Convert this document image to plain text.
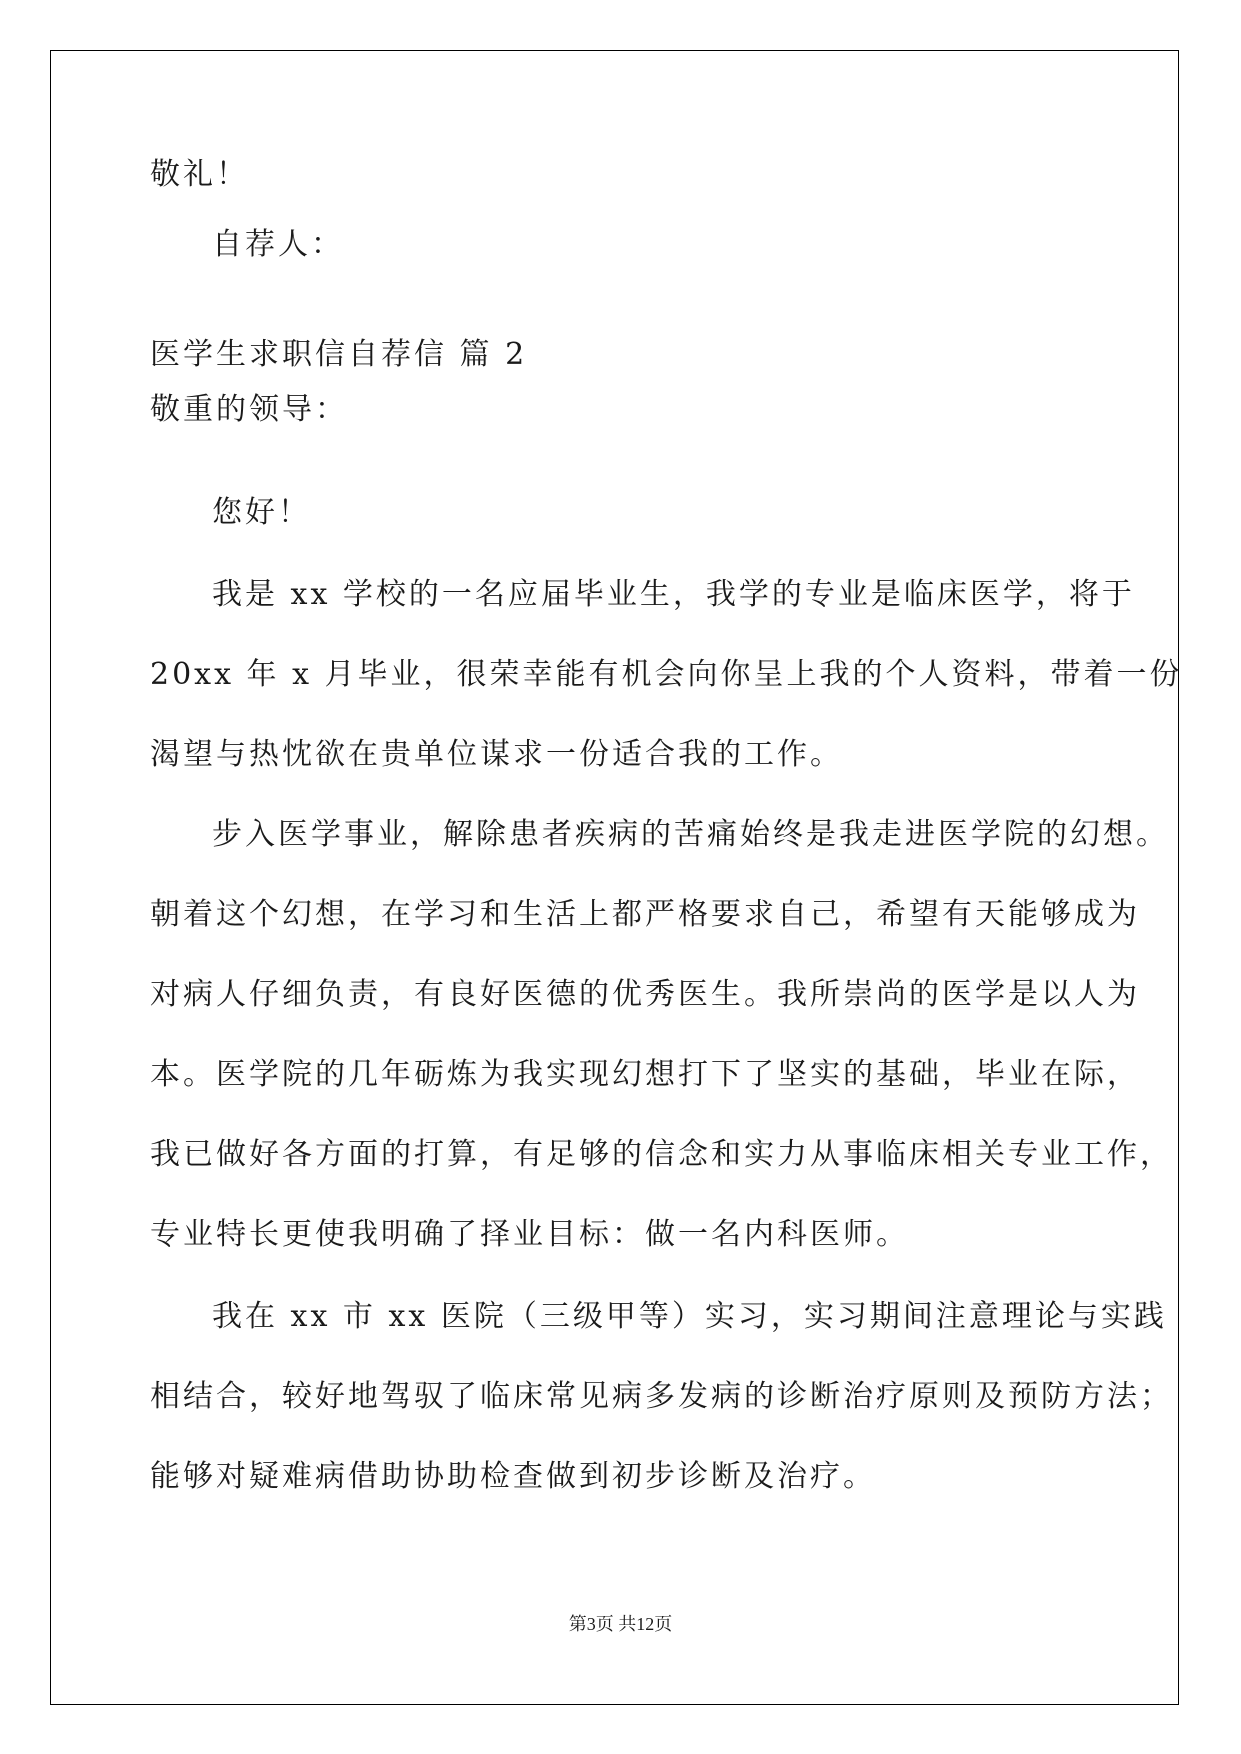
敬礼！
自荐人：
医学生求职信自荐信 篇 2
敬重的领导：
您好！
我是 xx 学校的一名应届毕业生，我学的专业是临床医学，将于
20xx 年 x 月毕业，很荣幸能有机会向你呈上我的个人资料，带着一份
渴望与热忱欲在贵单位谋求一份适合我的工作。
步入医学事业，解除患者疾病的苦痛始终是我走进医学院的幻想。
朝着这个幻想，在学习和生活上都严格要求自己，希望有天能够成为
对病人仔细负责，有良好医德的优秀医生。我所崇尚的医学是以人为
本。医学院的几年砺炼为我实现幻想打下了坚实的基础，毕业在际，
我已做好各方面的打算，有足够的信念和实力从事临床相关专业工作，
专业特长更使我明确了择业目标：做一名内科医师。
我在 xx 市 xx 医院（三级甲等）实习，实习期间注意理论与实践
相结合，较好地驾驭了临床常见病多发病的诊断治疗原则及预防方法；
能够对疑难病借助协助检查做到初步诊断及治疗。
第3页 共12页
